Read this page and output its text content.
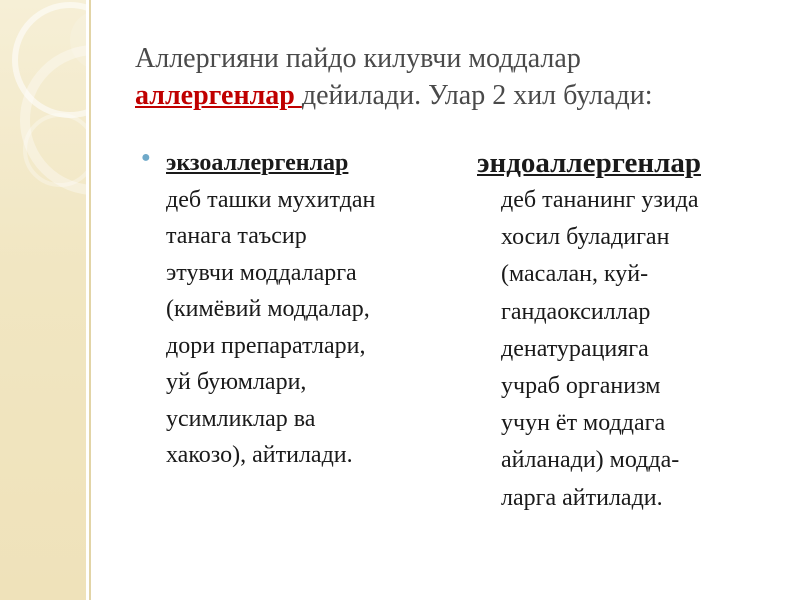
Аллергияни пайдо килувчи моддалар
аллергенлар дейилади. Улар 2 хил булади:
● экзоаллергенлар
деб ташки мухитдан
танага таъсир
этувчи моддаларга
(кимёвий моддалар,
дори препаратлари,
уй буюмлари,
усимликлар ва
хакозо), айтилади.
эндоаллергенлар
деб тананинг узида
хосил буладиган
(масалан, куй-
гандаоксиллар
денатурацияга
учраб организм
учун ёт моддага
айланади) модда-
ларга айтилади.
